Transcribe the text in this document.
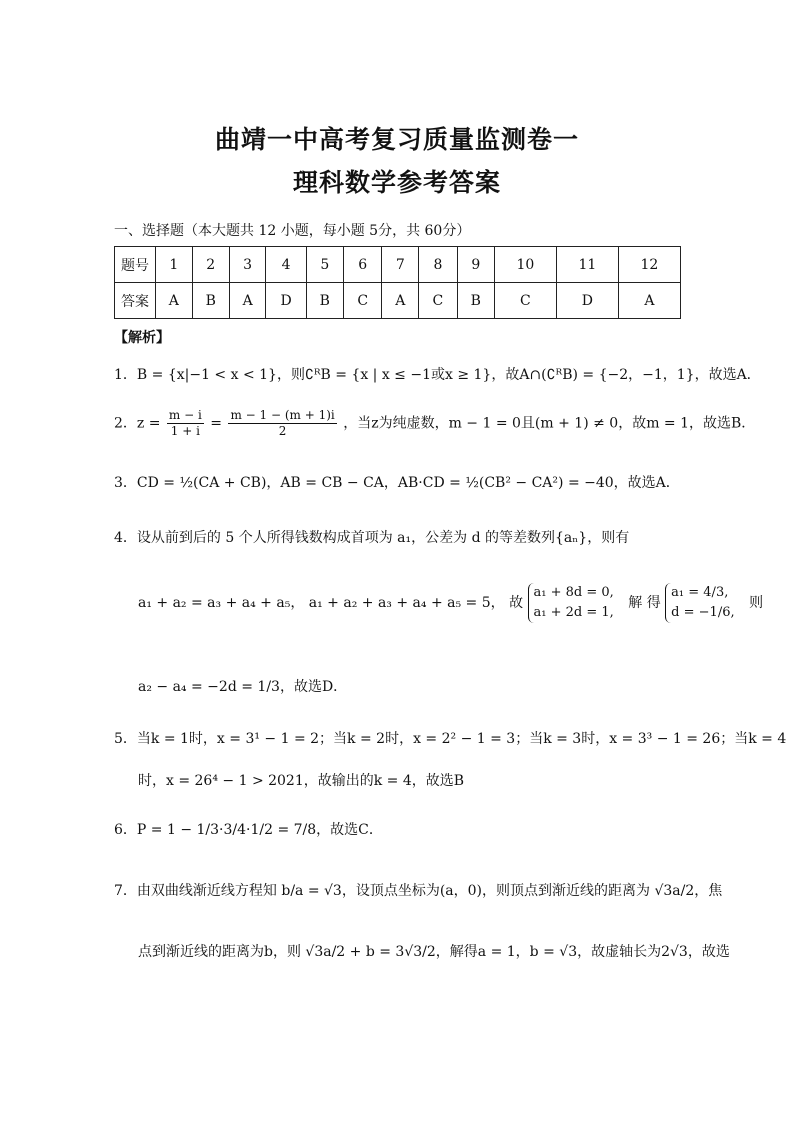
曲靖一中高考复习质量监测卷一
理科数学参考答案
一、选择题（本大题共 12 小题，每小题 5分，共 60分）
题号	1	2	3	4	5	6	7	8	9	10	11	12
答案	A	B	A	D	B	C	A	C	B	C	D	A
【解析】
1．B = {x|−1 < x < 1}，则∁ᴿB = {x | x ≤ −1或x ≥ 1}，故A∩(∁ᴿB) = {−2，−1，1}，故选A．
2．$z = \frac{m - i}{1 + i} = \frac{m - 1 - (m + 1)i}{2}$ ，当z为纯虚数，m − 1 = 0且(m + 1) ≠ 0，故m = 1，故选B．
3．CD = ½(CA + CB)，AB = CB − CA，AB·CD = ½(CB² − CA²) = −40，故选A．
4．设从前到后的 5 个人所得钱数构成首项为 a₁，公差为 d 的等差数列{aₙ}，则有
a₁ + a₂ = a₃ + a₄ + a₅， a₁ + a₂ + a₃ + a₄ + a₅ = 5， 故
a₁ + 8d = 0,
a₁ + 2d = 1,
解 得
a₁ = 4/3,
d = −1/6,
则
a₂ − a₄ = −2d = 1/3，故选D．
5．当k = 1时，x = 3¹ − 1 = 2；当k = 2时，x = 2² − 1 = 3；当k = 3时，x = 3³ − 1 = 26；当k = 4
时，x = 26⁴ − 1 > 2021，故输出的k = 4，故选B
6．P = 1 − 1/3·3/4·1/2 = 7/8，故选C．
7．由双曲线渐近线方程知 b/a = √3，设顶点坐标为(a，0)，则顶点到渐近线的距离为 √3a/2，焦
点到渐近线的距离为b，则 √3a/2 + b = 3√3/2，解得a = 1，b = √3，故虚轴长为2√3，故选
